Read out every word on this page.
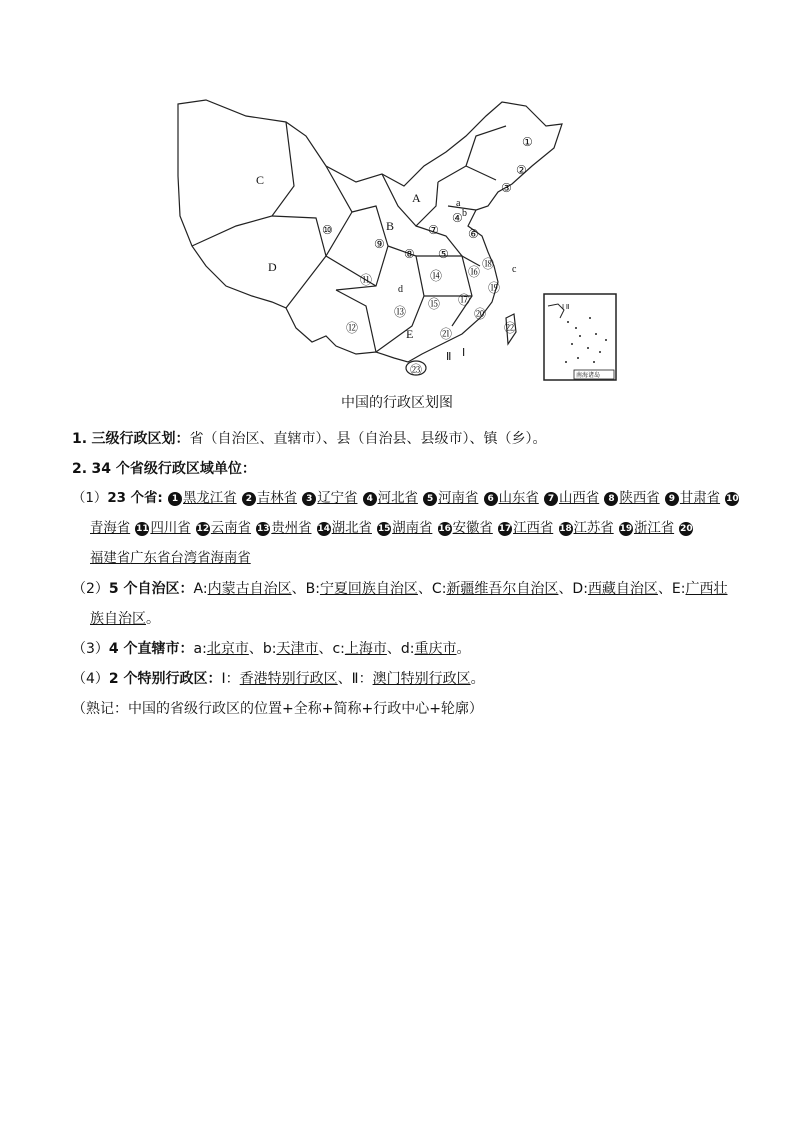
A
B
C
D
E
a
b
c
d
Ⅰ
Ⅱ
①
②
③
④
⑤
⑥
⑦
⑧
⑨
⑩
⑪
⑫
⑬
⑭
⑮
⑯
⑰
⑱
⑲
⑳
㉑	㉒
㉓
Ⅰ Ⅱ
南海诸岛
中国的行政区划图
1. 三级行政区划：省（自治区、直辖市）、县（自治县、县级市）、镇（乡）。
2. 34 个省级行政区域单位：
（1）23 个省: 1 黑龙江省 2 吉林省 3 辽宁省 4 河北省 5 河南省 6 山东省 7 山西省 8 陕西省 9 甘肃省 10
青海省 11 四川省 12 云南省 13 贵州省 14 湖北省 15 湖南省 16 安徽省 17 江西省 18 江苏省 19 浙江省 20
福建省广东省台湾省海南省
（2）5 个自治区：A:内蒙古自治区、B:宁夏回族自治区、C:新疆维吾尔自治区、D:西藏自治区、E:广西壮
族自治区。
（3）4 个直辖市：a:北京市、b:天津市、c:上海市、d:重庆市。
（4）2 个特别行政区：Ⅰ：香港特别行政区、Ⅱ：澳门特别行政区。
（熟记：中国的省级行政区的位置+全称+简称+行政中心+轮廓）
